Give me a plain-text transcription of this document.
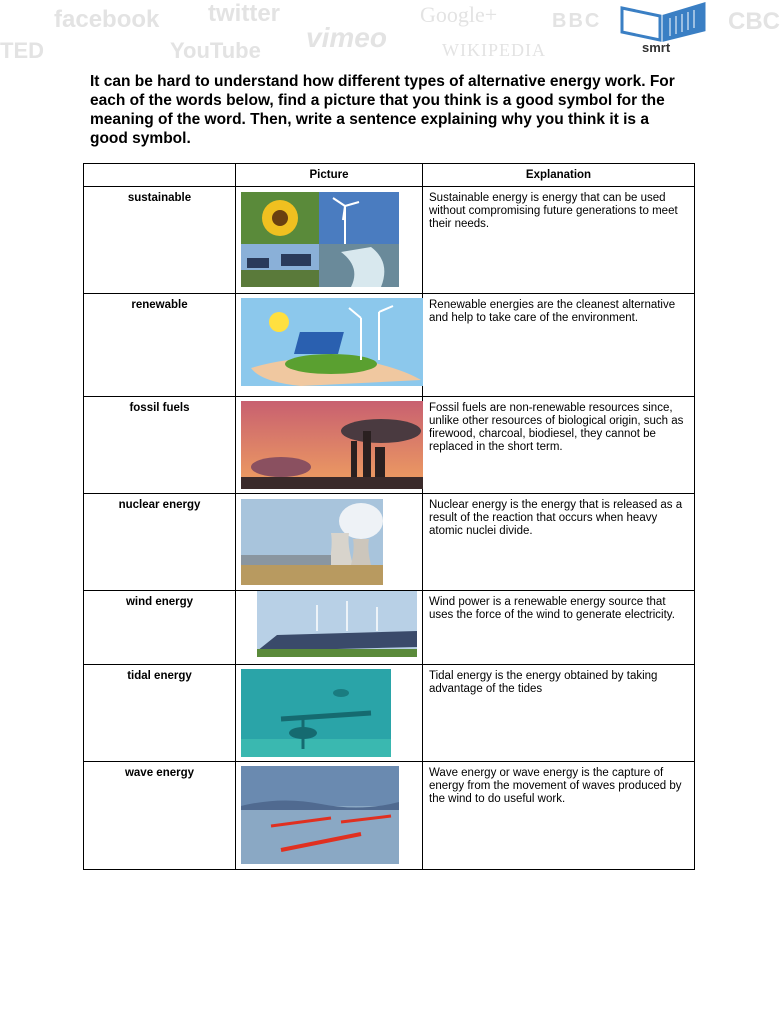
facebook twitter	Google+	BBC
TED	YouTube vimeo	WIKIPEDIA
CBC
smrt
It can be hard to understand how different types of alternative energy work. For each of the words below, find a picture that you think is a good symbol for the meaning of the word. Then, write a sentence explaining why you think it is a good symbol.
	Picture	Explanation
sustainable		Sustainable energy is energy that can be used without compromising future generations to meet their needs.
renewable		Renewable energies are the cleanest alternative and help to take care of the environment.
fossil fuels		Fossil fuels are non-renewable resources since, unlike other resources of biological origin, such as firewood, charcoal, biodiesel, they cannot be replaced in the short term.
nuclear energy		Nuclear energy is the energy that is released as a result of the reaction that occurs when heavy atomic nuclei divide.
wind energy		Wind power is a renewable energy source that uses the force of the wind to generate electricity.
tidal energy		Tidal energy is the energy obtained by taking advantage of the tides
wave energy		Wave energy or wave energy is the capture of energy from the movement of waves produced by the wind to do useful work.
